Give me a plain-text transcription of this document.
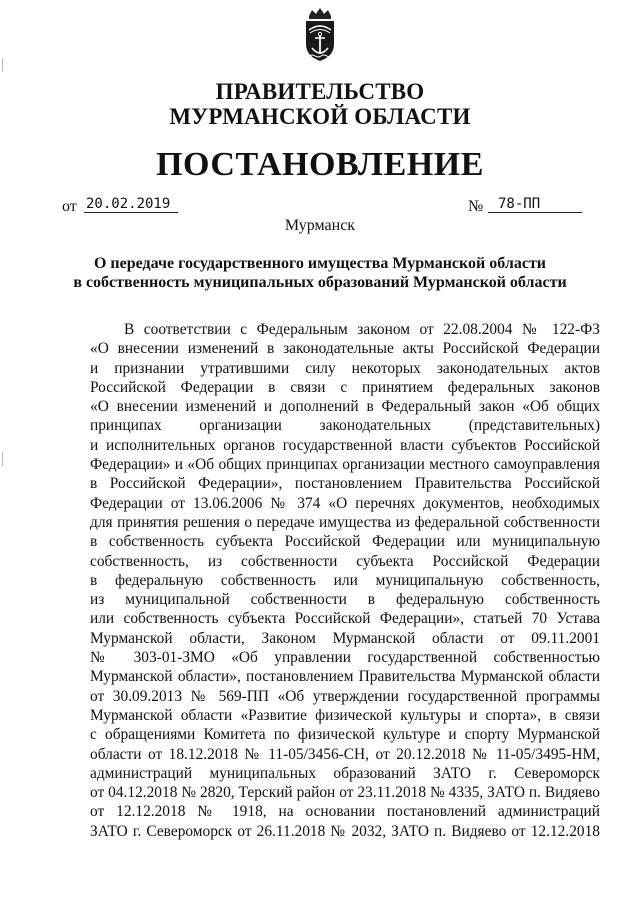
ПРАВИТЕЛЬСТВО
МУРМАНСКОЙ ОБЛАСТИ
ПОСТАНОВЛЕНИЕ
от 20.02.2019	№	78-ПП
Мурманск
О передаче государственного имущества Мурманской области
в собственность муниципальных образований Мурманской области
В соответствии с Федеральным законом от 22.08.2004 № 122-ФЗ
«О внесении изменений в законодательные акты Российской Федерации
и признании утратившими силу некоторых законодательных актов
Российской Федерации в связи с принятием федеральных законов
«О внесении изменений и дополнений в Федеральный закон «Об общих
принципах организации законодательных (представительных)
и исполнительных органов государственной власти субъектов Российской
Федерации» и «Об общих принципах организации местного самоуправления
в Российской Федерации», постановлением Правительства Российской
Федерации от 13.06.2006 № 374 «О перечнях документов, необходимых
для принятия решения о передаче имущества из федеральной собственности
в собственность субъекта Российской Федерации или муниципальную
собственность, из собственности субъекта Российской Федерации
в федеральную собственность или муниципальную собственность,
из муниципальной собственности в федеральную собственность
или собственность субъекта Российской Федерации», статьей 70 Устава
Мурманской области, Законом Мурманской области от 09.11.2001
№ 303-01-ЗМО «Об управлении государственной собственностью
Мурманской области», постановлением Правительства Мурманской области
от 30.09.2013 № 569-ПП «Об утверждении государственной программы
Мурманской области «Развитие физической культуры и спорта», в связи
с обращениями Комитета по физической культуре и спорту Мурманской
области от 18.12.2018 № 11-05/3456-СН, от 20.12.2018 № 11-05/3495-НМ,
администраций муниципальных образований ЗАТО г. Североморск
от 04.12.2018 № 2820, Терский район от 23.11.2018 № 4335, ЗАТО п. Видяево
от 12.12.2018 № 1918, на основании постановлений администраций
ЗАТО г. Североморск от 26.11.2018 № 2032, ЗАТО п. Видяево от 12.12.2018
